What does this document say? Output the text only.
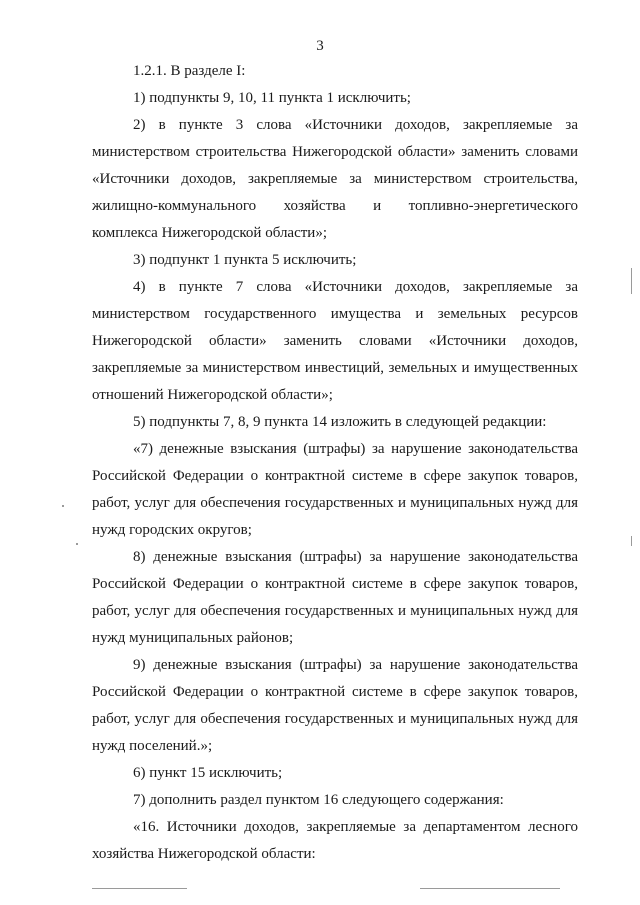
3
1.2.1. В разделе I:
1) подпункты 9, 10, 11 пункта 1 исключить;
2) в пункте 3 слова «Источники доходов, закрепляемые за
министерством строительства Нижегородской области» заменить словами
«Источники доходов, закрепляемые за министерством строительства,
жилищно-коммунального хозяйства и топливно-энергетического
комплекса Нижегородской области»;
3) подпункт 1 пункта 5 исключить;
4) в пункте 7 слова «Источники доходов, закрепляемые за
министерством государственного имущества и земельных ресурсов
Нижегородской области» заменить словами «Источники доходов,
закрепляемые за министерством инвестиций, земельных и имущественных
отношений Нижегородской области»;
5) подпункты 7, 8, 9 пункта 14 изложить в следующей редакции:
«7) денежные взыскания (штрафы) за нарушение законодательства
Российской Федерации о контрактной системе в сфере закупок товаров,
работ, услуг для обеспечения государственных и муниципальных нужд для
нужд городских округов;
8) денежные взыскания (штрафы) за нарушение законодательства
Российской Федерации о контрактной системе в сфере закупок товаров,
работ, услуг для обеспечения государственных и муниципальных нужд для
нужд муниципальных районов;
9) денежные взыскания (штрафы) за нарушение законодательства
Российской Федерации о контрактной системе в сфере закупок товаров,
работ, услуг для обеспечения государственных и муниципальных нужд для
нужд поселений.»;
6) пункт 15 исключить;
7) дополнить раздел пунктом 16 следующего содержания:
«16. Источники доходов, закрепляемые за департаментом лесного
хозяйства Нижегородской области:
